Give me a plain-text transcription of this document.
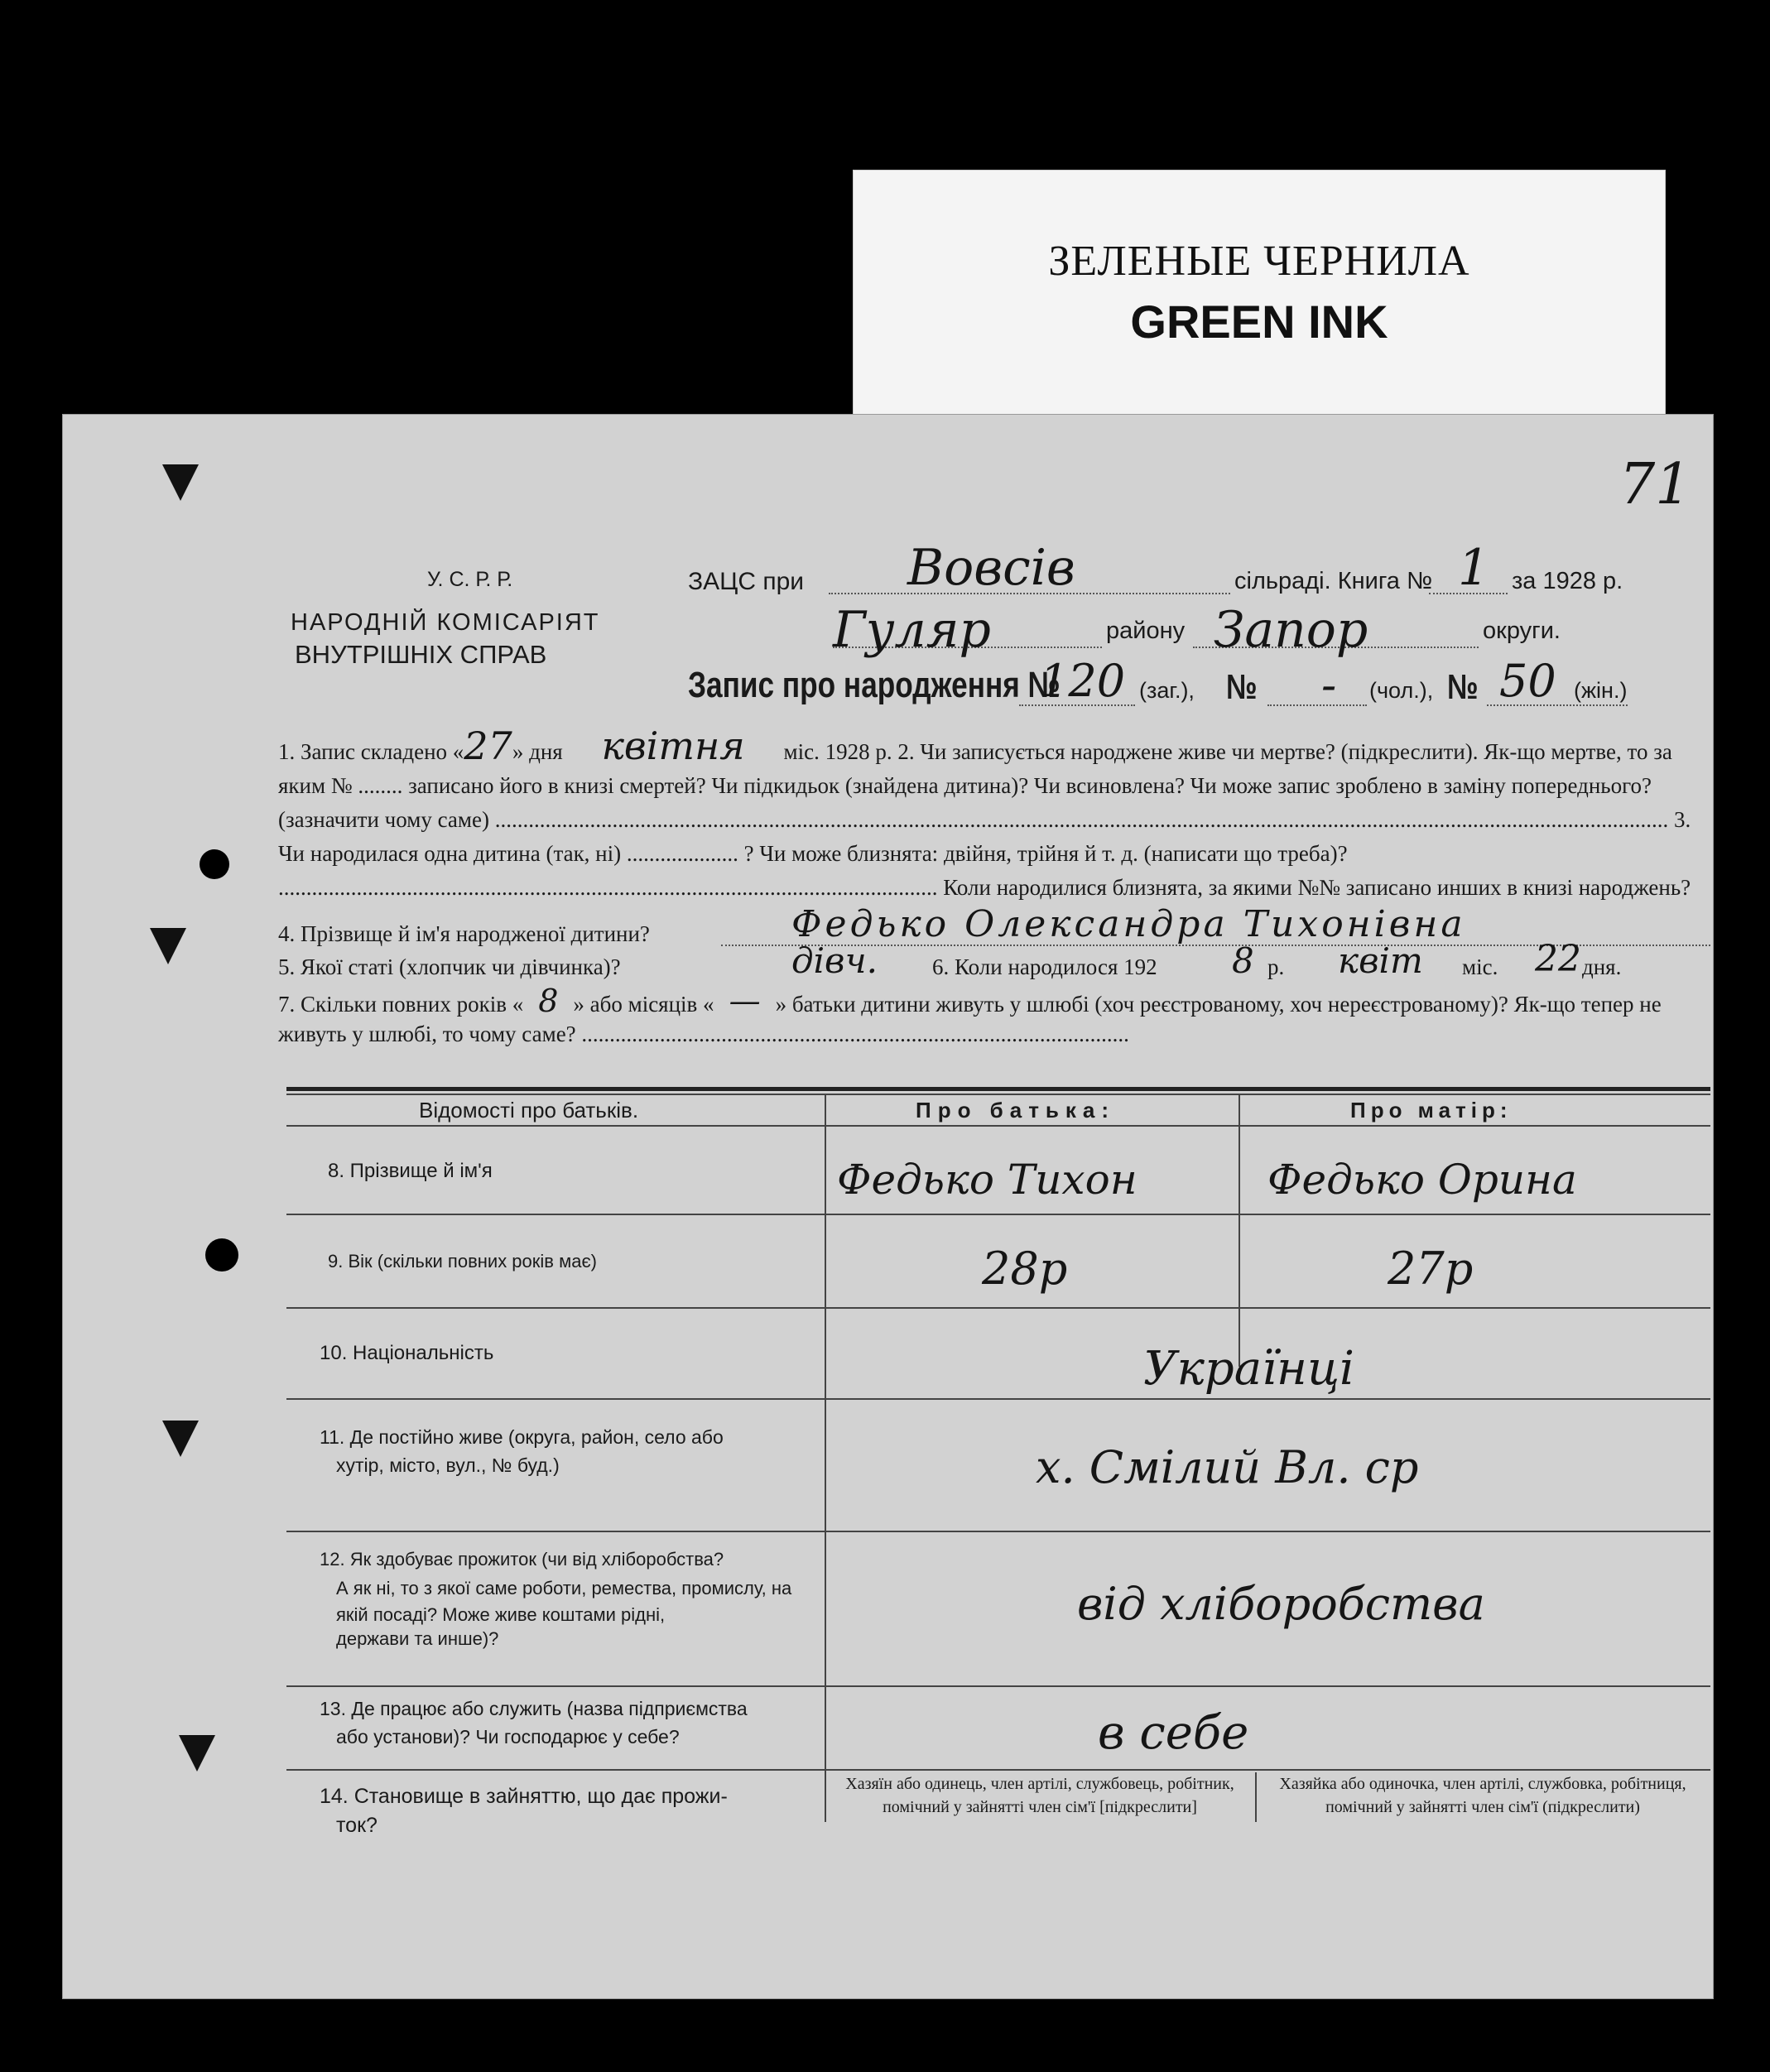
ЗЕЛЕНЫЕ ЧЕРНИЛА
GREEN INK
71
У. С. Р. Р.
НАРОДНІЙ КОМІСАРІЯТ
ВНУТРІШНІХ СПРАВ
ЗАЦС при Вовсів	сільраді. Книга № 1 за 1928 р.
Гуляр	району Запор	округи.
Запис про народження №
120 (заг.), № - (чол.), № 50 (жін.)
1. Запис складено «27» дня квітня міс. 1928 р. 2. Чи записується народжене живе чи мертве? (підкреслити). Як-що мертве, то за яким № ........ записано його в книзі смертей? Чи підкидьок (знайдена дитина)? Чи всиновлена? Чи може запис зроблено в заміну попереднього? (зазначити чому саме) .................................................................................................................................................................................................................. 3. Чи народилася одна дитина (так, ні) .................... ? Чи може близнята: двійня, трійня й т. д. (написати що треба)? ...................................................................................................................... Коли народилися близнята, за якими №№ записано инших в книзі народжень?
4. Прізвище й ім'я народженої дитини?	Федько Олександра Тихонівна
5. Якої статі (хлопчик чи дівчинка)?	дівч. 6. Коли народилося 192 8 р. квіт міс. 22 дня.
7. Скільки повних років « 8 » або місяців « — » батьки дитини живуть у шлюбі (хоч реєстрованому, хоч нереєстрованому)? Як-що тепер не живуть у шлюбі, то чому саме? ..................................................................................................
Відомості про батьків.	Про батька:	Про матір:
8. Прізвище й ім'я	Федько Тихон	Федько Орина
9. Вік (скільки повних років має)	28р	27р
10. Національність	Українці
11. Де постійно живе (округа, район, село або
хутір, місто, вул., № буд.)	х. Смілий Вл. ср
12. Як здобуває прожиток (чи від хліборобства?
А як ні, то з якої саме роботи, ремества, промислу, на якій посаді? Може живе коштами рідні,
держави та инше)?
від хліборобства
13. Де працює або служить (назва підприємства
або установи)? Чи господарює у себе?	в себе
14. Становище в зайняттю, що дає прожи-
ток?
Хазяїн або одинець, член артілі, службовець, робітник, помічний у зайнятті член сім'ї [підкреслити]
Хазяйка або одиночка, член артілі, службовка, робітниця, помічний у зайнятті член сім'ї (підкреслити)
